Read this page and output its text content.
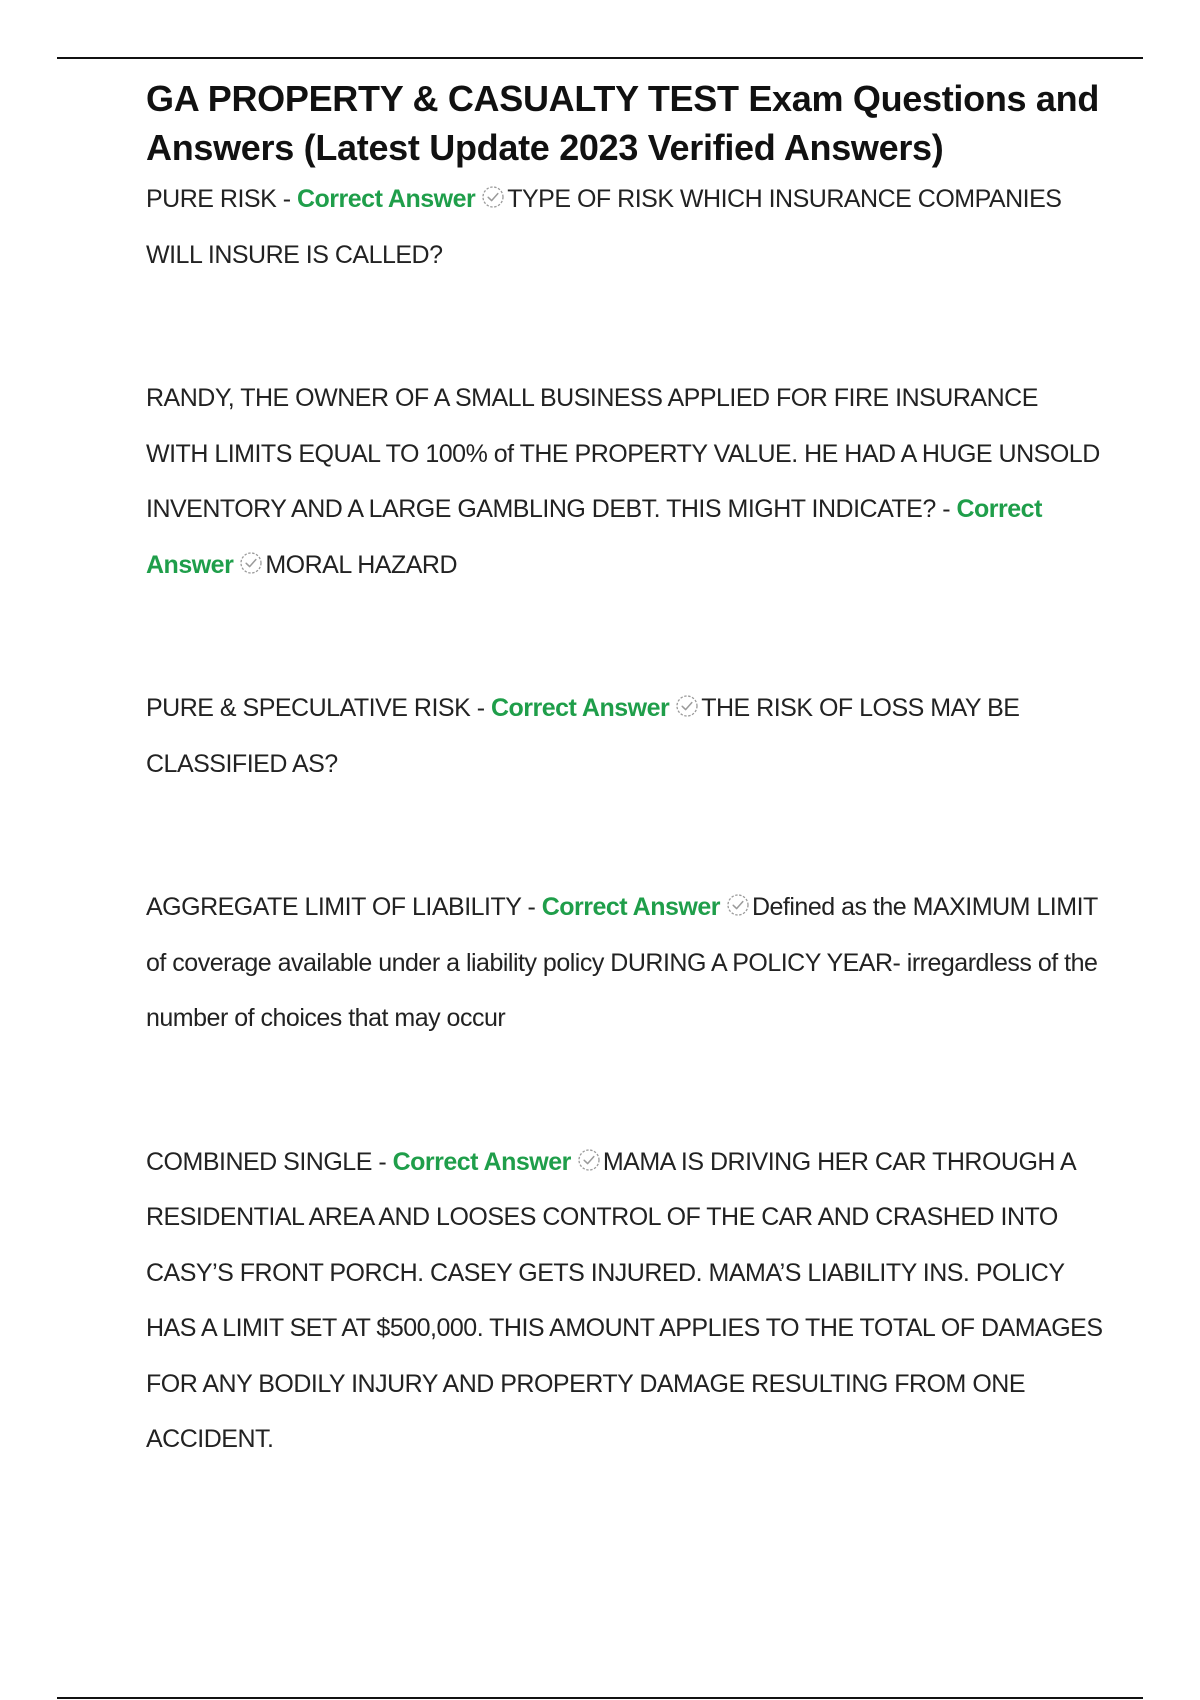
GA PROPERTY & CASUALTY TEST Exam Questions and Answers (Latest Update 2023 Verified Answers)

PURE RISK - Correct Answer TYPE OF RISK WHICH INSURANCE COMPANIES WILL INSURE IS CALLED?

RANDY, THE OWNER OF A SMALL BUSINESS APPLIED FOR FIRE INSURANCE WITH LIMITS EQUAL TO 100% of THE PROPERTY VALUE. HE HAD A HUGE UNSOLD INVENTORY AND A LARGE GAMBLING DEBT. THIS MIGHT INDICATE? - Correct Answer MORAL HAZARD

PURE & SPECULATIVE RISK - Correct Answer THE RISK OF LOSS MAY BE CLASSIFIED AS?

AGGREGATE LIMIT OF LIABILITY - Correct Answer Defined as the MAXIMUM LIMIT of coverage available under a liability policy DURING A POLICY YEAR- irregardless of the number of choices that may occur

COMBINED SINGLE - Correct Answer MAMA IS DRIVING HER CAR THROUGH A RESIDENTIAL AREA AND LOOSES CONTROL OF THE CAR AND CRASHED INTO CASY’S FRONT PORCH. CASEY GETS INJURED. MAMA’S LIABILITY INS. POLICY HAS A LIMIT SET AT $500,000. THIS AMOUNT APPLIES TO THE TOTAL OF DAMAGES FOR ANY BODILY INJURY AND PROPERTY DAMAGE RESULTING FROM ONE ACCIDENT.
